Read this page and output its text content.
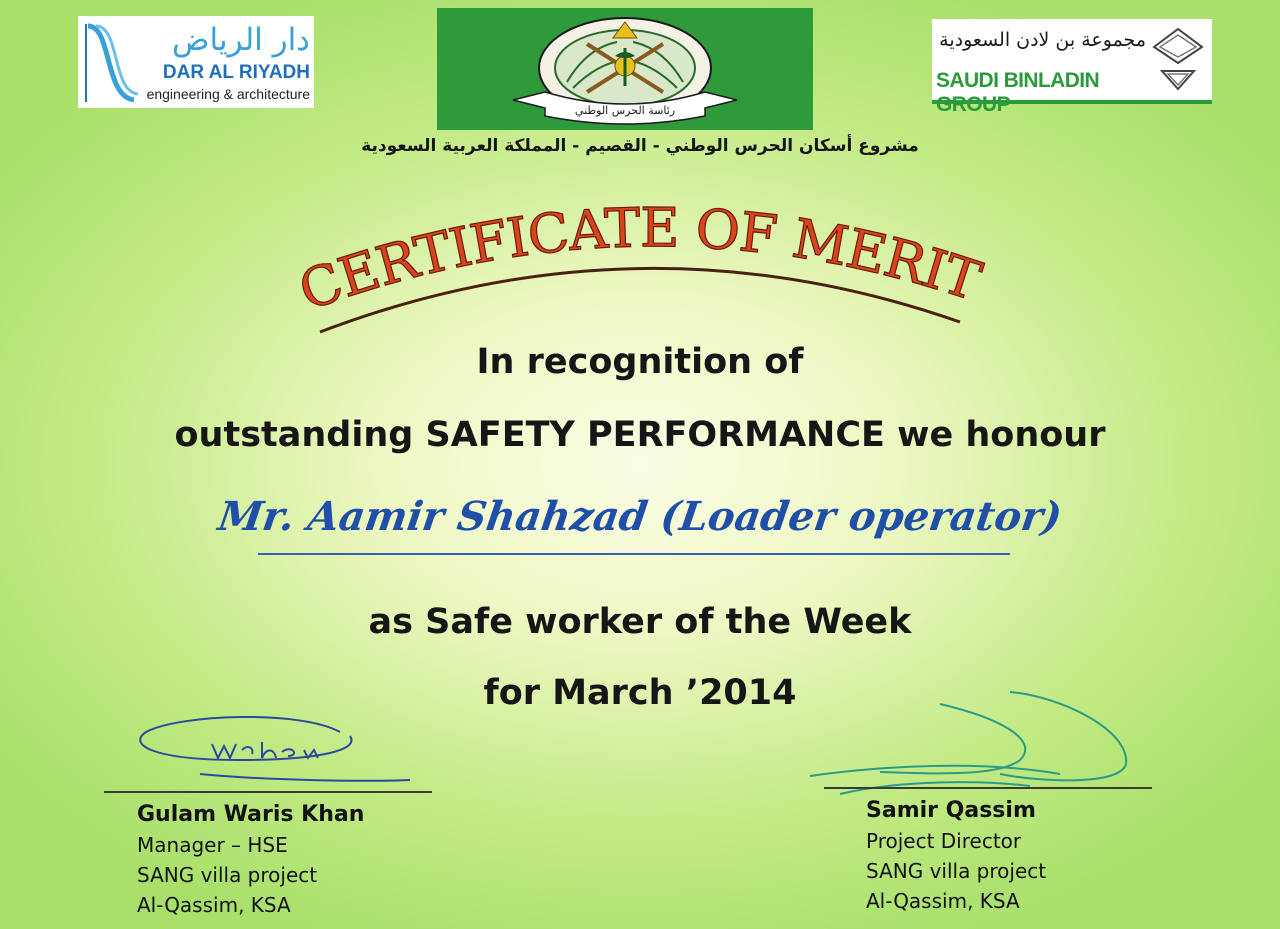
دار الرياض
DAR AL RIYADH
engineering & architecture
رئاسة الحرس الوطني
مجموعة بن لادن السعودية
SAUDI BINLADIN GROUP
مشروع أسكان الحرس الوطني - القصيم - المملكة العربية السعودية
CERTIFICATE OF MERIT
In recognition of
outstanding SAFETY PERFORMANCE we honour
Mr. Aamir Shahzad (Loader operator)
as Safe worker of the Week
for March ’2014
Gulam Waris Khan
Manager – HSE
SANG villa project
Al-Qassim, KSA
Samir Qassim
Project Director
SANG villa project
Al-Qassim, KSA
